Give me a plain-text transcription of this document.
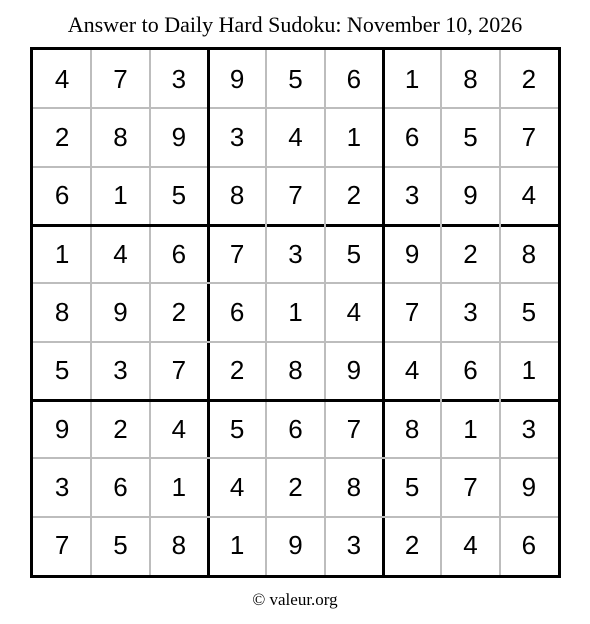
Answer to Daily Hard Sudoku: November 10, 2026
4	7	3	9	5	6	1	8	2
2	8	9	3	4	1	6	5	7
6	1	5	8	7	2	3	9	4
1	4	6	7	3	5	9	2	8
8	9	2	6	1	4	7	3	5
5	3	7	2	8	9	4	6	1
9	2	4	5	6	7	8	1	3
3	6	1	4	2	8	5	7	9
7	5	8	1	9	3	2	4	6
© valeur.org
